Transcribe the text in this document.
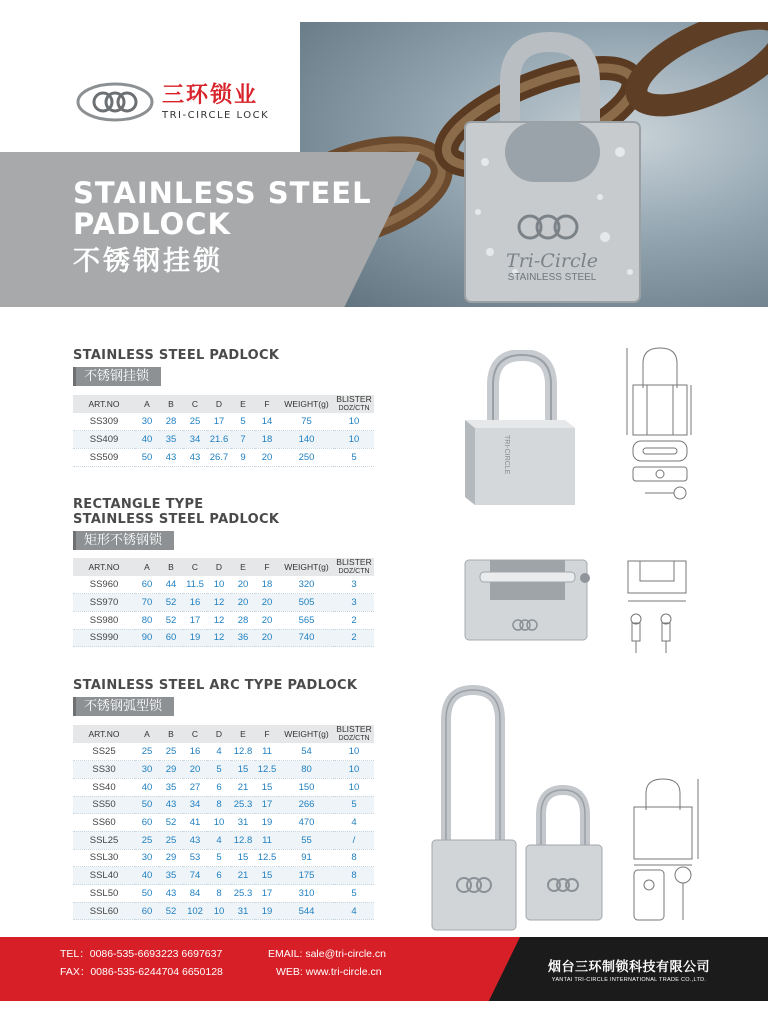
Tri-Circle
STAINLESS STEEL
三环锁业
TRI-CIRCLE LOCK
STAINLESS STEEL
PADLOCK
不锈钢挂锁
STAINLESS STEEL PADLOCK
不锈钢挂锁
ART.NO	A	B	C	D	E	F	WEIGHT(g)	BLISTER
DOZ/CTN
SS309	30	28	25	17	5	14	75	10
SS409	40	35	34	21.6	7	18	140	10
SS509	50	43	43	26.7	9	20	250	5	TRI-CIRCLE
RECTANGLE TYPE
STAINLESS STEEL PADLOCK
矩形不锈钢锁
ART.NO	A	B	C	D	E	F	WEIGHT(g)	BLISTER
DOZ/CTN
SS960	60	44	11.5	10	20	18	320	3
SS970	70	52	16	12	20	20	505	3
SS980	80	52	17	12	28	20	565	2
SS990	90	60	19	12	36	20	740	2
STAINLESS STEEL ARC TYPE PADLOCK
不锈钢弧型锁
ART.NO	A	B	C	D	E	F	WEIGHT(g)	BLISTER
DOZ/CTN
SS25	25	25	16	4	12.8	11	54	10
SS30	30	29	20	5	15	12.5	80	10
SS40	40	35	27	6	21	15	150	10
SS50	50	43	34	8	25.3	17	266	5
SS60	60	52	41	10	31	19	470	4
SSL25	25	25	43	4	12.8	11	55	/
SSL30	30	29	53	5	15	12.5	91	8
SSL40	40	35	74	6	21	15	175	8
SSL50	50	43	84	8	25.3	17	310	5
SSL60	60	52	102	10	31	19	544	4
TEL：0086-535-6693223 6697637
FAX：0086-535-6244704 6650128
EMAIL: sale@tri-circle.cn
WEB: www.tri-circle.cn	烟台三环制锁科技有限公司
YANTAI TRI-CIRCLE INTERNATIONAL TRADE CO.,LTD.
